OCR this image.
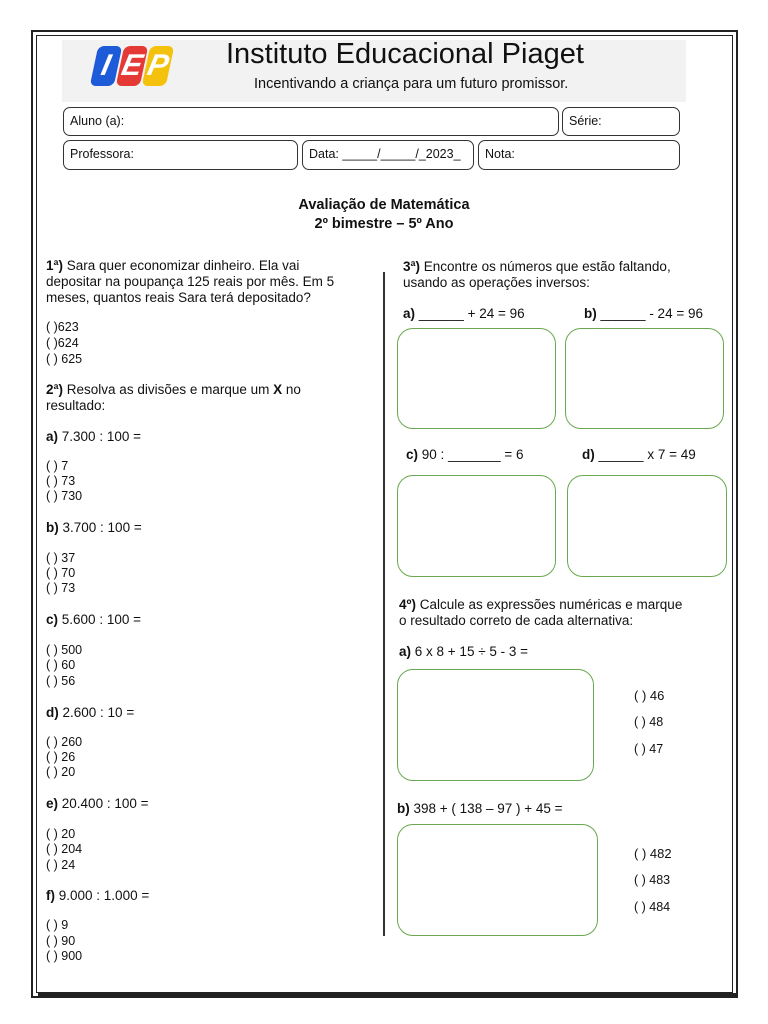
I E
P Instituto Educacional Piaget
Incentivando a criança para um futuro promissor.
Aluno (a):	Série:
Professora:	Data: _____/_____/_2023_	Nota:
Avaliação de Matemática
2º bimestre – 5º Ano
1ª) Sara quer economizar dinheiro. Ela vai
depositar na poupança 125 reais por mês. Em 5
meses, quantos reais Sara terá depositado?
( )623
( )624
( ) 625
2ª) Resolva as divisões e marque um X no
resultado:
a) 7.300 : 100 =
( ) 7
( ) 73
( ) 730
b) 3.700 : 100 =
( ) 37
( ) 70
( ) 73
c) 5.600 : 100 =
( ) 500
( ) 60
( ) 56
d) 2.600 : 10 =
( ) 260
( ) 26
( ) 20
e) 20.400 : 100 =
( ) 20
( ) 204
( ) 24
f) 9.000 : 1.000 =
( ) 9
( ) 90
( ) 900
3ª) Encontre os números que estão faltando,
usando as operações inversos:
a) ______ + 24 = 96	b) ______ - 24 = 96
c) 90 : _______ = 6	d) ______ x 7 = 49
4º) Calcule as expressões numéricas e marque
o resultado correto de cada alternativa:
a) 6 x 8 + 15 ÷ 5 - 3 =
( ) 46
( ) 48
( ) 47
b) 398 + ( 138 – 97 ) + 45 =
( ) 482
( ) 483
( ) 484
